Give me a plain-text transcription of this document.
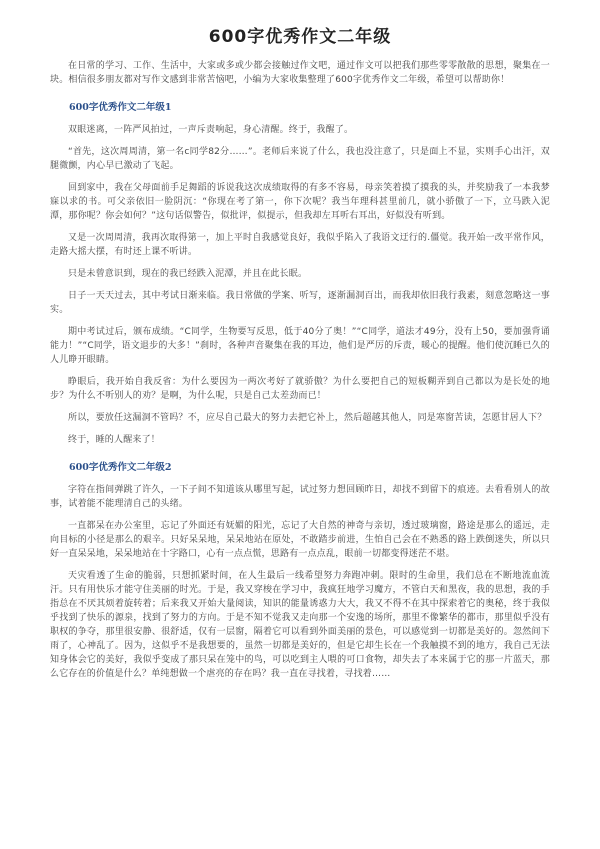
600字优秀作文二年级

在日常的学习、工作、生活中，大家或多或少都会接触过作文吧，通过作文可以把我们那些零零散散的思想，聚集在一块。相信很多朋友都对写作文感到非常苦恼吧，小编为大家收集整理了600字优秀作文二年级，希望可以帮助你！

600字优秀作文二年级1

双眼迷离，一阵严风拍过，一声斥责响起，身心清醒。终于，我醒了。

“首先，这次周周清，第一名c同学82分……”。老师后来说了什么，我也没注意了，只是面上不显，实则手心出汗，双腿微颤，内心早已激动了飞起。

回到家中，我在父母面前手足舞蹈的诉说我这次成绩取得的有多不容易，母亲笑着摸了摸我的头，并奖励我了一本我梦寐以求的书。可父亲依旧一脸阴沉：“你现在考了第一，你下次呢？我当年理科甚里前几，就小骄傲了一下，立马跌入泥潭，那你呢？你会如何？”这句话似警告，似批评，似提示，但我却左耳听右耳出，好似没有听到。

又是一次周周清，我再次取得第一，加上平时自我感觉良好，我似乎陷入了我语文迂行的.僵觉。我开始一改平常作风，走路大摇大摆，有时还上课不听讲。

只是未曾意识到，现在的我已经跌入泥潭，并且在此长眠。

日子一天天过去，其中考试日渐来临。我日常做的学案、听写，逐渐漏洞百出，而我却依旧我行我素，刻意忽略这一事实。

期中考试过后，颁布成绩。“C同学，生物要写反思，低于40分了奥！”“C同学，道法才49分，没有上50，要加强背诵能力！”“C同学，语文退步的大多！”刹时，各种声音聚集在我的耳边，他们是严厉的斥责，暖心的提醒。他们使沉睡已久的人儿睁开眼睛。

睁眼后，我开始自我反省：为什么要因为一两次考好了就骄傲？为什么要把自己的短板糊弄到自己都以为是长处的地步？为什么不听别人的劝？是啊，为什么呢，只是自己太差劲而已！

所以，要放任这漏洞不管吗？不，应尽自己最大的努力去把它补上，然后超越其他人，同是寒窗苦读，怎愿甘居人下？

终于，睡的人醒来了！

600字优秀作文二年级2

字符在指间弹跳了许久，一下子间不知道该从哪里写起，试过努力想回顾昨日，却找不到留下的痕迹。去看看别人的故事，试着能不能理清自己的头绪。

一直都呆在办公室里，忘记了外面还有妩媚的阳光，忘记了大自然的神奇与亲切，透过玻璃窗，路途是那么的遥远，走向目标的小径是那么的艰辛。只好呆呆地，呆呆地站在原处，不敢踏步前进，生怕自己会在不熟悉的路上跌倒迷失，所以只好一直呆呆地，呆呆地站在十字路口，心有一点点慌，思路有一点点乱，眼前一切都变得迷茫不堪。

天灾看透了生命的脆弱，只想抓紧时间，在人生最后一线希望努力奔跑冲刺。限时的生命里，我们总在不断地流血流汗。只有用快乐才能守住美丽的时光。于是，我又穿梭在学习中，我疯狂地学习魔方，不管白天和黑夜，我的思想，我的手指总在不厌其烦着旋转着；后来我又开始大量阅读，知识的能量诱惑力大大，我又不得不在其中探索着它的奥秘，终于我似乎找到了快乐的源泉，找到了努力的方向。于是不知不觉我又走向那一个安逸的场所，那里不像繁华的都市，那里似乎没有职权的争夺，那里很安静、很舒适，仅有一层窗，隔着它可以看到外面美丽的景色，可以感觉到一切都是美好的。忽然间下雨了，心神乱了。因为，这似乎不是我想要的，虽然一切都是美好的，但是它却生长在一个我触摸不到的地方，我自己无法知身体会它的美好，我似乎变成了那只呆在笼中的鸟，可以吃到主人喂的可口食物，却失去了本来属于它的那一片蓝天，那么它存在的价值是什么？单纯想做一个虐亮的存在吗？我一直在寻找着，寻找着……
